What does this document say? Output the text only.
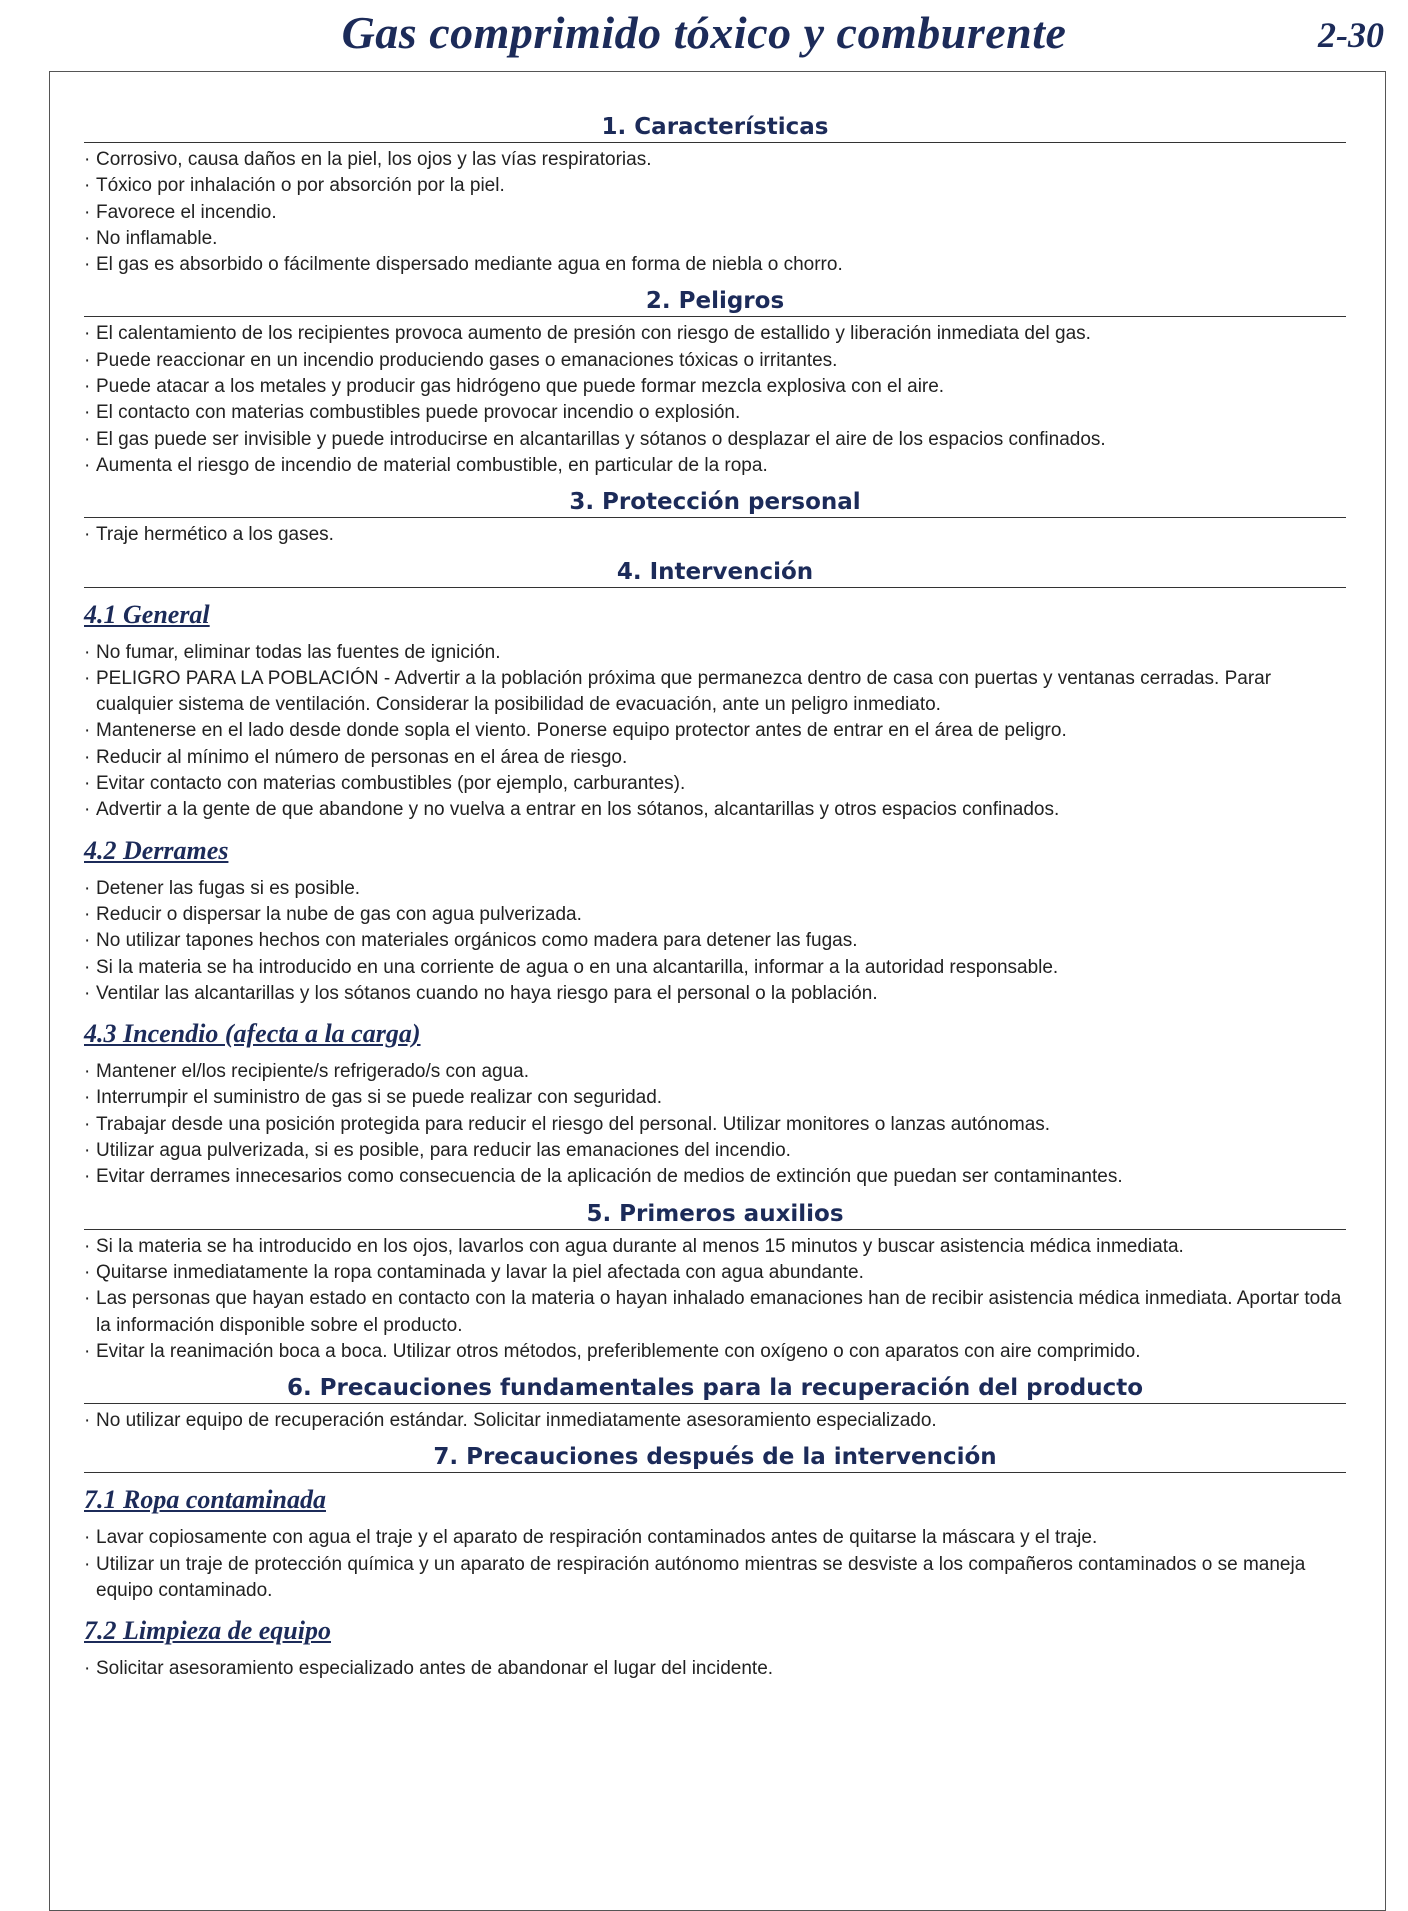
Gas comprimido tóxico y comburente	2-30
1. Características
· Corrosivo, causa daños en la piel, los ojos y las vías respiratorias.
· Tóxico por inhalación o por absorción por la piel.
· Favorece el incendio.
· No inflamable.
· El gas es absorbido o fácilmente dispersado mediante agua en forma de niebla o chorro.
2. Peligros
· El calentamiento de los recipientes provoca aumento de presión con riesgo de estallido y liberación inmediata del gas.
· Puede reaccionar en un incendio produciendo gases o emanaciones tóxicas o irritantes.
· Puede atacar a los metales y producir gas hidrógeno que puede formar mezcla explosiva con el aire.
· El contacto con materias combustibles puede provocar incendio o explosión.
· El gas puede ser invisible y puede introducirse en alcantarillas y sótanos o desplazar el aire de los espacios confinados.
· Aumenta el riesgo de incendio de material combustible, en particular de la ropa.
3. Protección personal
· Traje hermético a los gases.
4. Intervención
4.1 General
· No fumar, eliminar todas las fuentes de ignición.
· PELIGRO PARA LA POBLACIÓN - Advertir a la población próxima que permanezca dentro de casa con puertas y ventanas cerradas. Parar cualquier sistema de ventilación. Considerar la posibilidad de evacuación, ante un peligro inmediato.
· Mantenerse en el lado desde donde sopla el viento. Ponerse equipo protector antes de entrar en el área de peligro.
· Reducir al mínimo el número de personas en el área de riesgo.
· Evitar contacto con materias combustibles (por ejemplo, carburantes).
· Advertir a la gente de que abandone y no vuelva a entrar en los sótanos, alcantarillas y otros espacios confinados.
4.2 Derrames
· Detener las fugas si es posible.
· Reducir o dispersar la nube de gas con agua pulverizada.
· No utilizar tapones hechos con materiales orgánicos como madera para detener las fugas.
· Si la materia se ha introducido en una corriente de agua o en una alcantarilla, informar a la autoridad responsable.
· Ventilar las alcantarillas y los sótanos cuando no haya riesgo para el personal o la población.
4.3 Incendio (afecta a la carga)
· Mantener el/los recipiente/s refrigerado/s con agua.
· Interrumpir el suministro de gas si se puede realizar con seguridad.
· Trabajar desde una posición protegida para reducir el riesgo del personal. Utilizar monitores o lanzas autónomas.
· Utilizar agua pulverizada, si es posible, para reducir las emanaciones del incendio.
· Evitar derrames innecesarios como consecuencia de la aplicación de medios de extinción que puedan ser contaminantes.
5. Primeros auxilios
· Si la materia se ha introducido en los ojos, lavarlos con agua durante al menos 15 minutos y buscar asistencia médica inmediata.
· Quitarse inmediatamente la ropa contaminada y lavar la piel afectada con agua abundante.
· Las personas que hayan estado en contacto con la materia o hayan inhalado emanaciones han de recibir asistencia médica inmediata. Aportar toda la información disponible sobre el producto.
· Evitar la reanimación boca a boca. Utilizar otros métodos, preferiblemente con oxígeno o con aparatos con aire comprimido.
6. Precauciones fundamentales para la recuperación del producto
· No utilizar equipo de recuperación estándar. Solicitar inmediatamente asesoramiento especializado.
7. Precauciones después de la intervención
7.1 Ropa contaminada
· Lavar copiosamente con agua el traje y el aparato de respiración contaminados antes de quitarse la máscara y el traje.
· Utilizar un traje de protección química y un aparato de respiración autónomo mientras se desviste a los compañeros contaminados o se maneja equipo contaminado.
7.2 Limpieza de equipo
· Solicitar asesoramiento especializado antes de abandonar el lugar del incidente.
